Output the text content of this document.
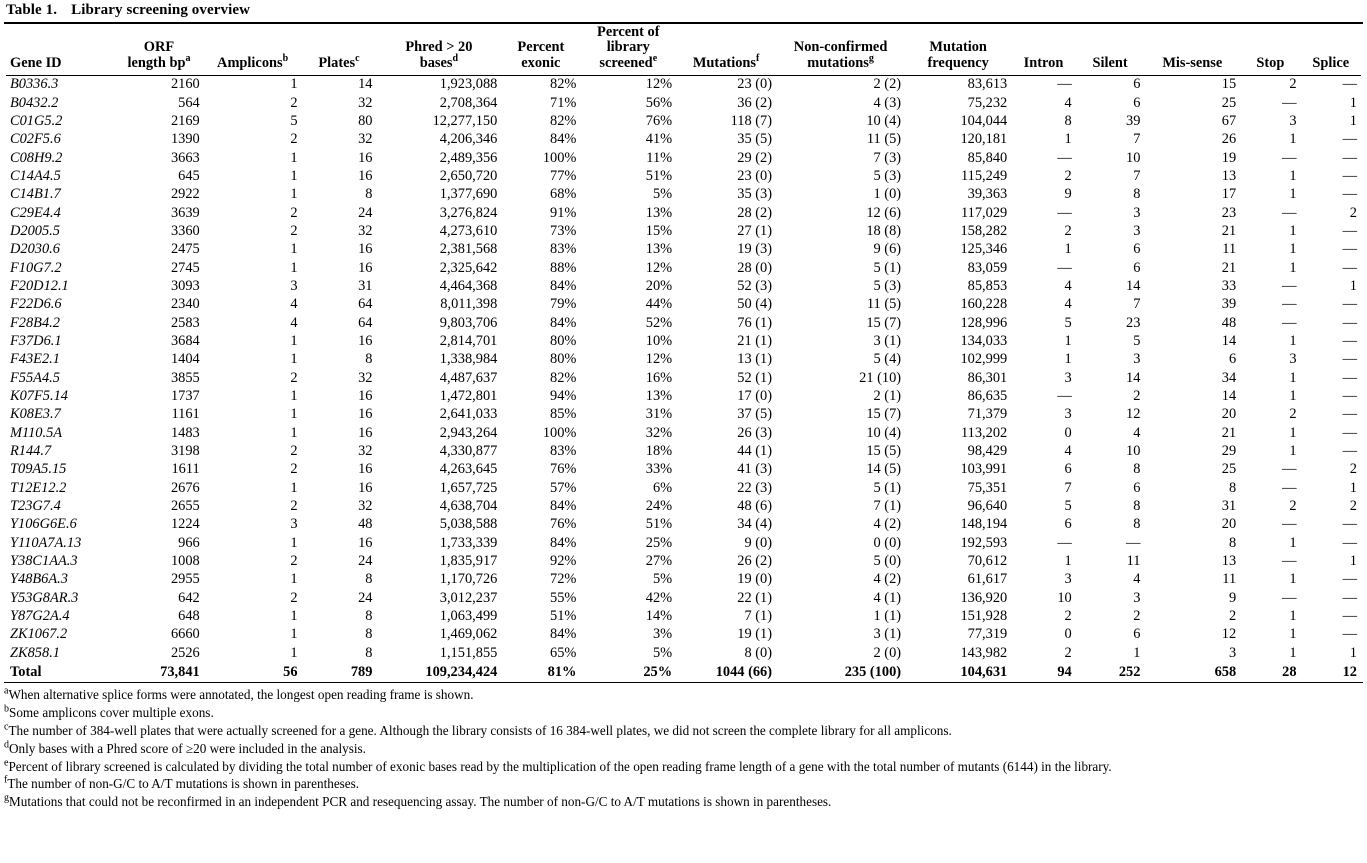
Table 1. Library screening overview
Gene ID	ORF
length $bp^a$	Amplicons$^b$	Plates$^c$	Phred > 20
bases$^d$	Percent
exonic	Percent of
library
screened$^e$	Mutations$^f$	Non-confirmed
mutations$^g$	Mutation
frequency	Intron	Silent	Mis-sense	Stop	Splice
B0336.3	2160	1	14	1,923,088	82%	12%	23 (0)	2 (2)	83,613	—	6	15	2	—
B0432.2	564	2	32	2,708,364	71%	56%	36 (2)	4 (3)	75,232	4	6	25	—	1
C01G5.2	2169	5	80	12,277,150	82%	76%	118 (7)	10 (4)	104,044	8	39	67	3	1
C02F5.6	1390	2	32	4,206,346	84%	41%	35 (5)	11 (5)	120,181	1	7	26	1	—
C08H9.2	3663	1	16	2,489,356	100%	11%	29 (2)	7 (3)	85,840	—	10	19	—	—
C14A4.5	645	1	16	2,650,720	77%	51%	23 (0)	5 (3)	115,249	2	7	13	1	—
C14B1.7	2922	1	8	1,377,690	68%	5%	35 (3)	1 (0)	39,363	9	8	17	1	—
C29E4.4	3639	2	24	3,276,824	91%	13%	28 (2)	12 (6)	117,029	—	3	23	—	2
D2005.5	3360	2	32	4,273,610	73%	15%	27 (1)	18 (8)	158,282	2	3	21	1	—
D2030.6	2475	1	16	2,381,568	83%	13%	19 (3)	9 (6)	125,346	1	6	11	1	—
F10G7.2	2745	1	16	2,325,642	88%	12%	28 (0)	5 (1)	83,059	—	6	21	1	—
F20D12.1	3093	3	31	4,464,368	84%	20%	52 (3)	5 (3)	85,853	4	14	33	—	1
F22D6.6	2340	4	64	8,011,398	79%	44%	50 (4)	11 (5)	160,228	4	7	39	—	—
F28B4.2	2583	4	64	9,803,706	84%	52%	76 (1)	15 (7)	128,996	5	23	48	—	—
F37D6.1	3684	1	16	2,814,701	80%	10%	21 (1)	3 (1)	134,033	1	5	14	1	—
F43E2.1	1404	1	8	1,338,984	80%	12%	13 (1)	5 (4)	102,999	1	3	6	3	—
F55A4.5	3855	2	32	4,487,637	82%	16%	52 (1)	21 (10)	86,301	3	14	34	1	—
K07F5.14	1737	1	16	1,472,801	94%	13%	17 (0)	2 (1)	86,635	—	2	14	1	—
K08E3.7	1161	1	16	2,641,033	85%	31%	37 (5)	15 (7)	71,379	3	12	20	2	—
M110.5A	1483	1	16	2,943,264	100%	32%	26 (3)	10 (4)	113,202	0	4	21	1	—
R144.7	3198	2	32	4,330,877	83%	18%	44 (1)	15 (5)	98,429	4	10	29	1	—
T09A5.15	1611	2	16	4,263,645	76%	33%	41 (3)	14 (5)	103,991	6	8	25	—	2
T12E12.2	2676	1	16	1,657,725	57%	6%	22 (3)	5 (1)	75,351	7	6	8	—	1
T23G7.4	2655	2	32	4,638,704	84%	24%	48 (6)	7 (1)	96,640	5	8	31	2	2
Y106G6E.6	1224	3	48	5,038,588	76%	51%	34 (4)	4 (2)	148,194	6	8	20	—	—
Y110A7A.13	966	1	16	1,733,339	84%	25%	9 (0)	0 (0)	192,593	—	—	8	1	—
Y38C1AA.3	1008	2	24	1,835,917	92%	27%	26 (2)	5 (0)	70,612	1	11	13	—	1
Y48B6A.3	2955	1	8	1,170,726	72%	5%	19 (0)	4 (2)	61,617	3	4	11	1	—
Y53G8AR.3	642	2	24	3,012,237	55%	42%	22 (1)	4 (1)	136,920	10	3	9	—	—
Y87G2A.4	648	1	8	1,063,499	51%	14%	7 (1)	1 (1)	151,928	2	2	2	1	—
ZK1067.2	6660	1	8	1,469,062	84%	3%	19 (1)	3 (1)	77,319	0	6	12	1	—
ZK858.1	2526	1	8	1,151,855	65%	5%	8 (0)	2 (0)	143,982	2	1	3	1	1
Total	73,841	56	789	109,234,424	81%	25%	1044 (66)	235 (100)	104,631	94	252	658	28	12

$^a$When alternative splice forms were annotated, the longest open reading frame is shown.

$^b$Some amplicons cover multiple exons.

$^c$The number of 384-well plates that were actually screened for a gene. Although the library consists of 16 384-well plates, we did not screen the complete library for all amplicons.

$^d$Only bases with a Phred score of ≥20 were included in the analysis.

$^e$Percent of library screened is calculated by dividing the total number of exonic bases read by the multiplication of the open reading frame length of a gene with the total number of mutants (6144) in the library.

$^f$The number of non-G/C to A/T mutations is shown in parentheses.

$^g$Mutations that could not be reconfirmed in an independent PCR and resequencing assay. The number of non-G/C to A/T mutations is shown in parentheses.
